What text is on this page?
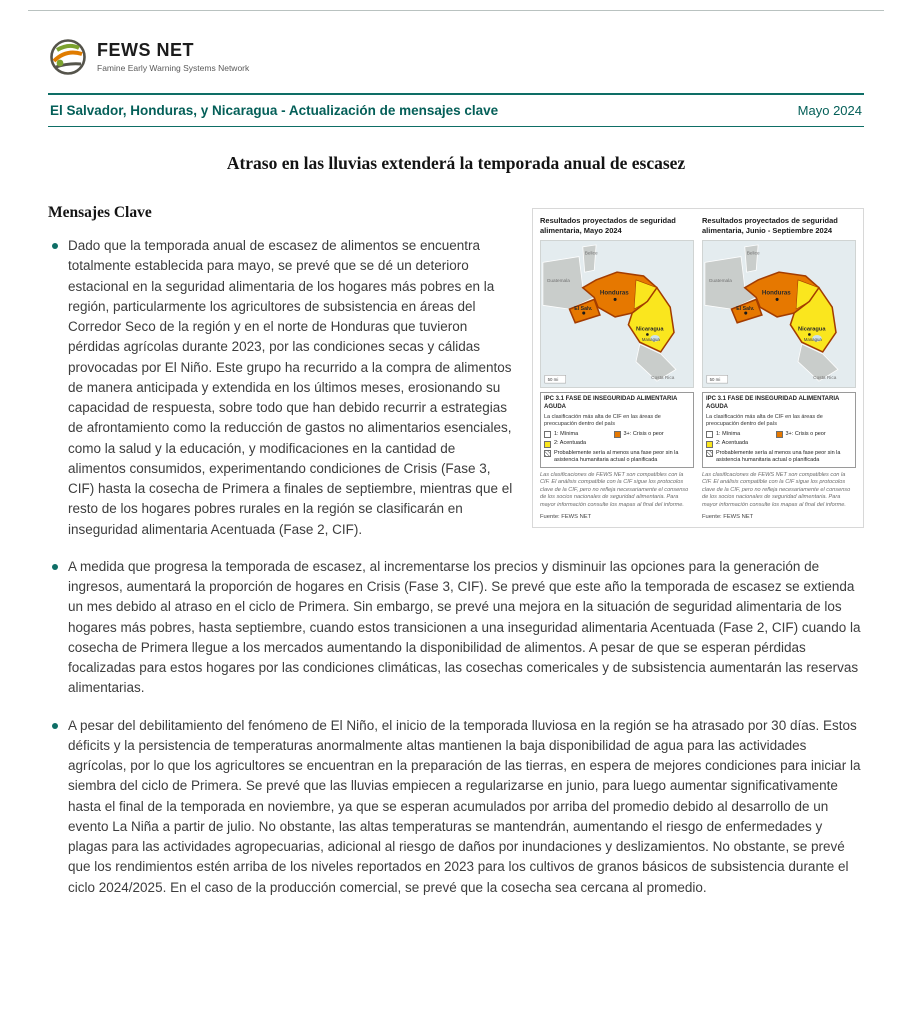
FEWS NET
Famine Early Warning Systems Network
El Salvador, Honduras, y Nicaragua - Actualización de mensajes clave	Mayo 2024
Atraso en las lluvias extenderá la temporada anual de escasez
Resultados proyectados de seguridad alimentaria, Mayo 2024
Belice
Guatemala
Honduras
El Salv.
Nicaragua
Managua
Costa Rica
50 mi
IPC 3.1 FASE DE INSEGURIDAD ALIMENTARIA AGUDA
La clasificación más alta de CIF en las áreas de preocupación dentro del país
1: Mínima	3+: Crisis o peor
2: Acentuada
Probablemente sería al menos una fase peor sin la asistencia humanitaria actual o planificada
Las clasificaciones de FEWS NET son compatibles con la CIF. El análisis compatible con la CIF sigue los protocolos clave de la CIF, pero no refleja necesariamente el consenso de los socios nacionales de seguridad alimentaria. Para mayor información consulte los mapas al final del informe.
Fuente: FEWS NET
Resultados proyectados de seguridad alimentaria, Junio - Septiembre 2024
Belice
Guatemala
Honduras
El Salv.
Nicaragua
Managua
Costa Rica
50 mi
IPC 3.1 FASE DE INSEGURIDAD ALIMENTARIA AGUDA
La clasificación más alta de CIF en las áreas de preocupación dentro del país
1: Mínima	3+: Crisis o peor
2: Acentuada
Probablemente sería al menos una fase peor sin la asistencia humanitaria actual o planificada
Las clasificaciones de FEWS NET son compatibles con la CIF. El análisis compatible con la CIF sigue los protocolos clave de la CIF, pero no refleja necesariamente el consenso de los socios nacionales de seguridad alimentaria. Para mayor información consulte los mapas al final del informe.
Fuente: FEWS NET
Mensajes Clave
Dado que la temporada anual de escasez de alimentos se encuentra totalmente establecida para mayo, se prevé que se dé un deterioro estacional en la seguridad alimentaria de los hogares más pobres en la región, particularmente los agricultores de subsistencia en áreas del Corredor Seco de la región y en el norte de Honduras que tuvieron pérdidas agrícolas durante 2023, por las condiciones secas y cálidas provocadas por El Niño. Este grupo ha recurrido a la compra de alimentos de manera anticipada y extendida en los últimos meses, erosionando su capacidad de respuesta, sobre todo que han debido recurrir a estrategias de afrontamiento como la reducción de gastos no alimentarios esenciales, como la salud y la educación, y modificaciones en la cantidad de alimentos consumidos, experimentando condiciones de Crisis (Fase 3, CIF) hasta la cosecha de Primera a finales de septiembre, mientras que el resto de los hogares pobres rurales en la región se clasificarán en inseguridad alimentaria Acentuada (Fase 2, CIF).
A medida que progresa la temporada de escasez, al incrementarse los precios y disminuir las opciones para la generación de ingresos, aumentará la proporción de hogares en Crisis (Fase 3, CIF). Se prevé que este año la temporada de escasez se extienda un mes debido al atraso en el ciclo de Primera. Sin embargo, se prevé una mejora en la situación de seguridad alimentaria de los hogares más pobres, hasta septiembre, cuando estos transicionen a una inseguridad alimentaria Acentuada (Fase 2, CIF) cuando la cosecha de Primera llegue a los mercados aumentando la disponibilidad de alimentos. A pesar de que se esperan pérdidas focalizadas para estos hogares por las condiciones climáticas, las cosechas comericales y de subsistencia aumentarán las reservas alimentarias.
A pesar del debilitamiento del fenómeno de El Niño, el inicio de la temporada lluviosa en la región se ha atrasado por 30 días. Estos déficits y la persistencia de temperaturas anormalmente altas mantienen la baja disponibilidad de agua para las actividades agrícolas, por lo que los agricultores se encuentran en la preparación de las tierras, en espera de mejores condiciones para iniciar la siembra del ciclo de Primera. Se prevé que las lluvias empiecen a regularizarse en junio, para luego aumentar significativamente hasta el final de la temporada en noviembre, ya que se esperan acumulados por arriba del promedio debido al desarrollo de un evento La Niña a partir de julio. No obstante, las altas temperaturas se mantendrán, aumentando el riesgo de enfermedades y plagas para las actividades agropecuarias, adicional al riesgo de daños por inundaciones y deslizamientos. No obstante, se prevé que los rendimientos estén arriba de los niveles reportados en 2023 para los cultivos de granos básicos de subsistencia durante el ciclo 2024/2025. En el caso de la producción comercial, se prevé que la cosecha sea cercana al promedio.
